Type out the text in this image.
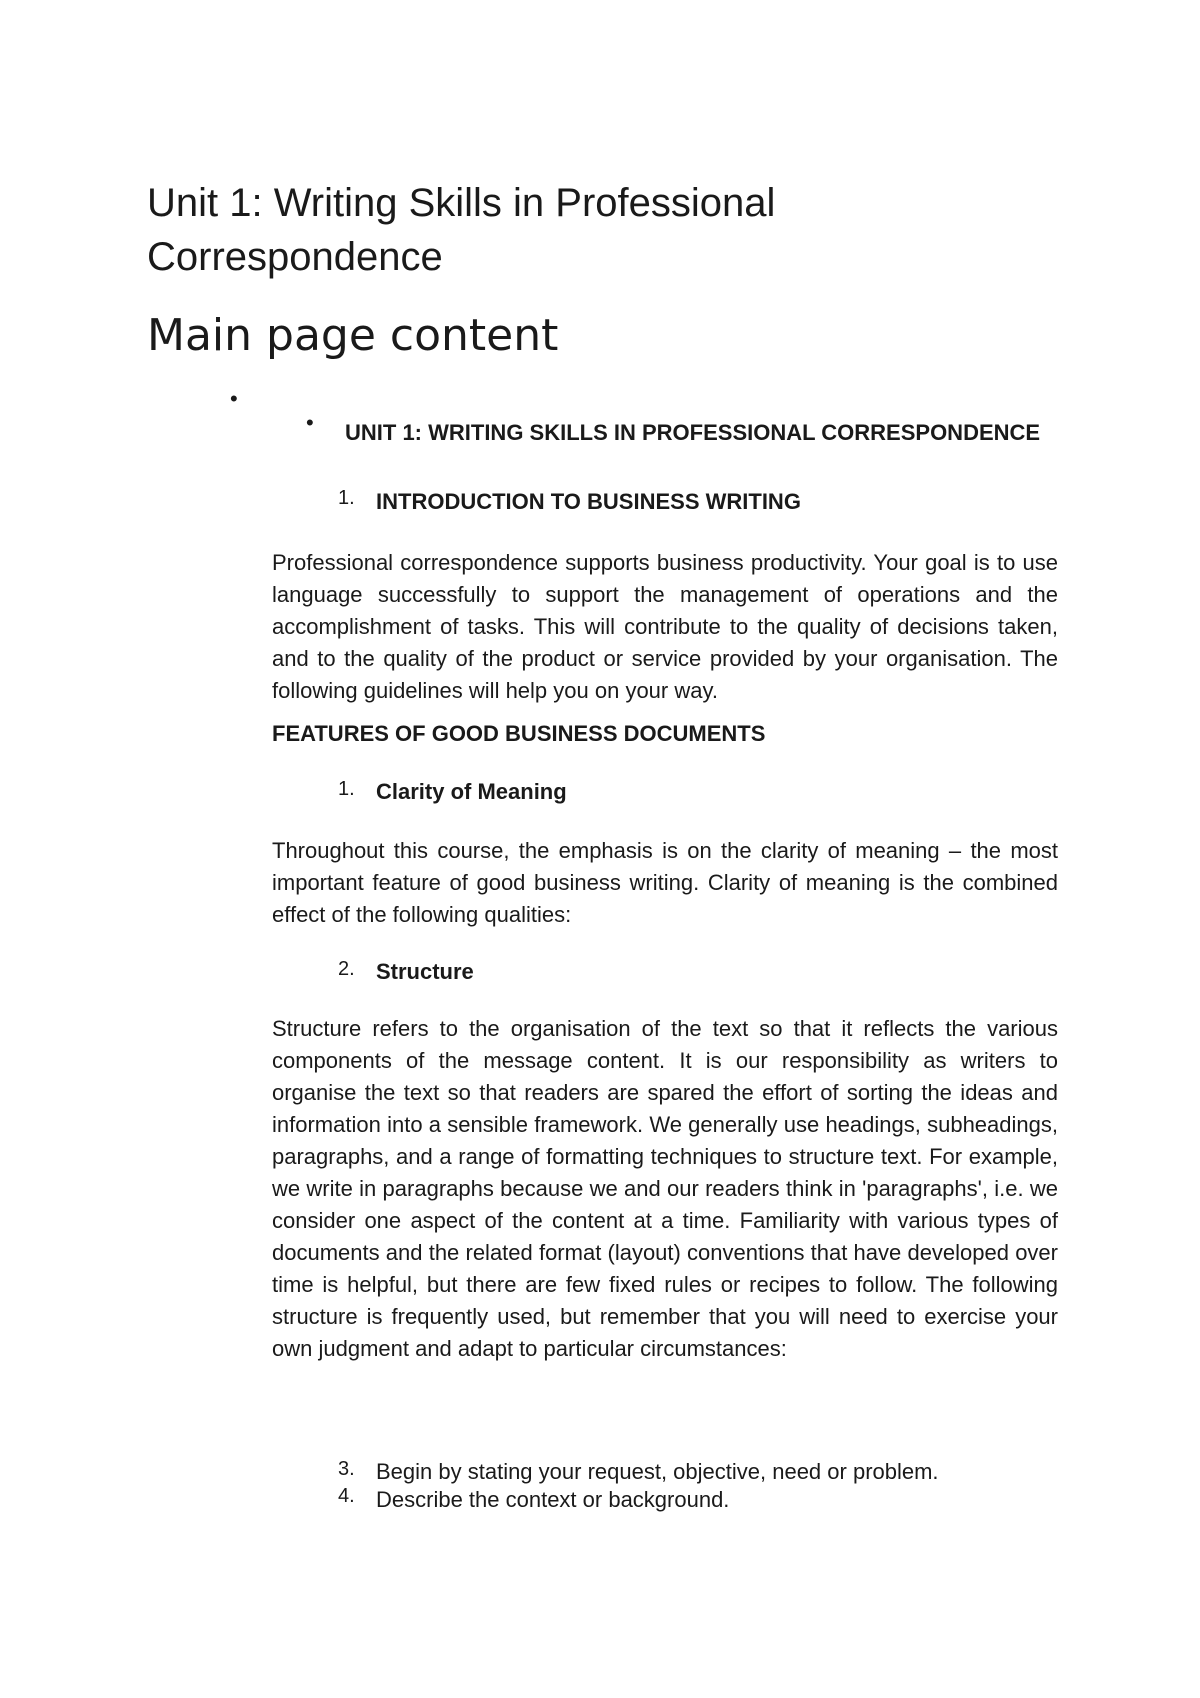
Unit 1: Writing Skills in Professional Correspondence
Main page content
•
• UNIT 1: WRITING SKILLS IN PROFESSIONAL CORRESPONDENCE
1. INTRODUCTION TO BUSINESS WRITING

Professional correspondence supports business productivity. Your goal is to use language successfully to support the management of operations and the accomplishment of tasks. This will contribute to the quality of decisions taken, and to the quality of the product or service provided by your organisation. The following guidelines will help you on your way.

FEATURES OF GOOD BUSINESS DOCUMENTS
1. Clarity of Meaning

Throughout this course, the emphasis is on the clarity of meaning – the most important feature of good business writing. Clarity of meaning is the combined effect of the following qualities:

2. Structure

Structure refers to the organisation of the text so that it reflects the various components of the message content. It is our responsibility as writers to organise the text so that readers are spared the effort of sorting the ideas and information into a sensible framework. We generally use headings, subheadings, paragraphs, and a range of formatting techniques to structure text. For example, we write in paragraphs because we and our readers think in 'paragraphs', i.e. we consider one aspect of the content at a time. Familiarity with various types of documents and the related format (layout) conventions that have developed over time is helpful, but there are few fixed rules or recipes to follow. The following structure is frequently used, but remember that you will need to exercise your own judgment and adapt to particular circumstances:

3. Begin by stating your request, objective, need or problem.
4. Describe the context or background.
